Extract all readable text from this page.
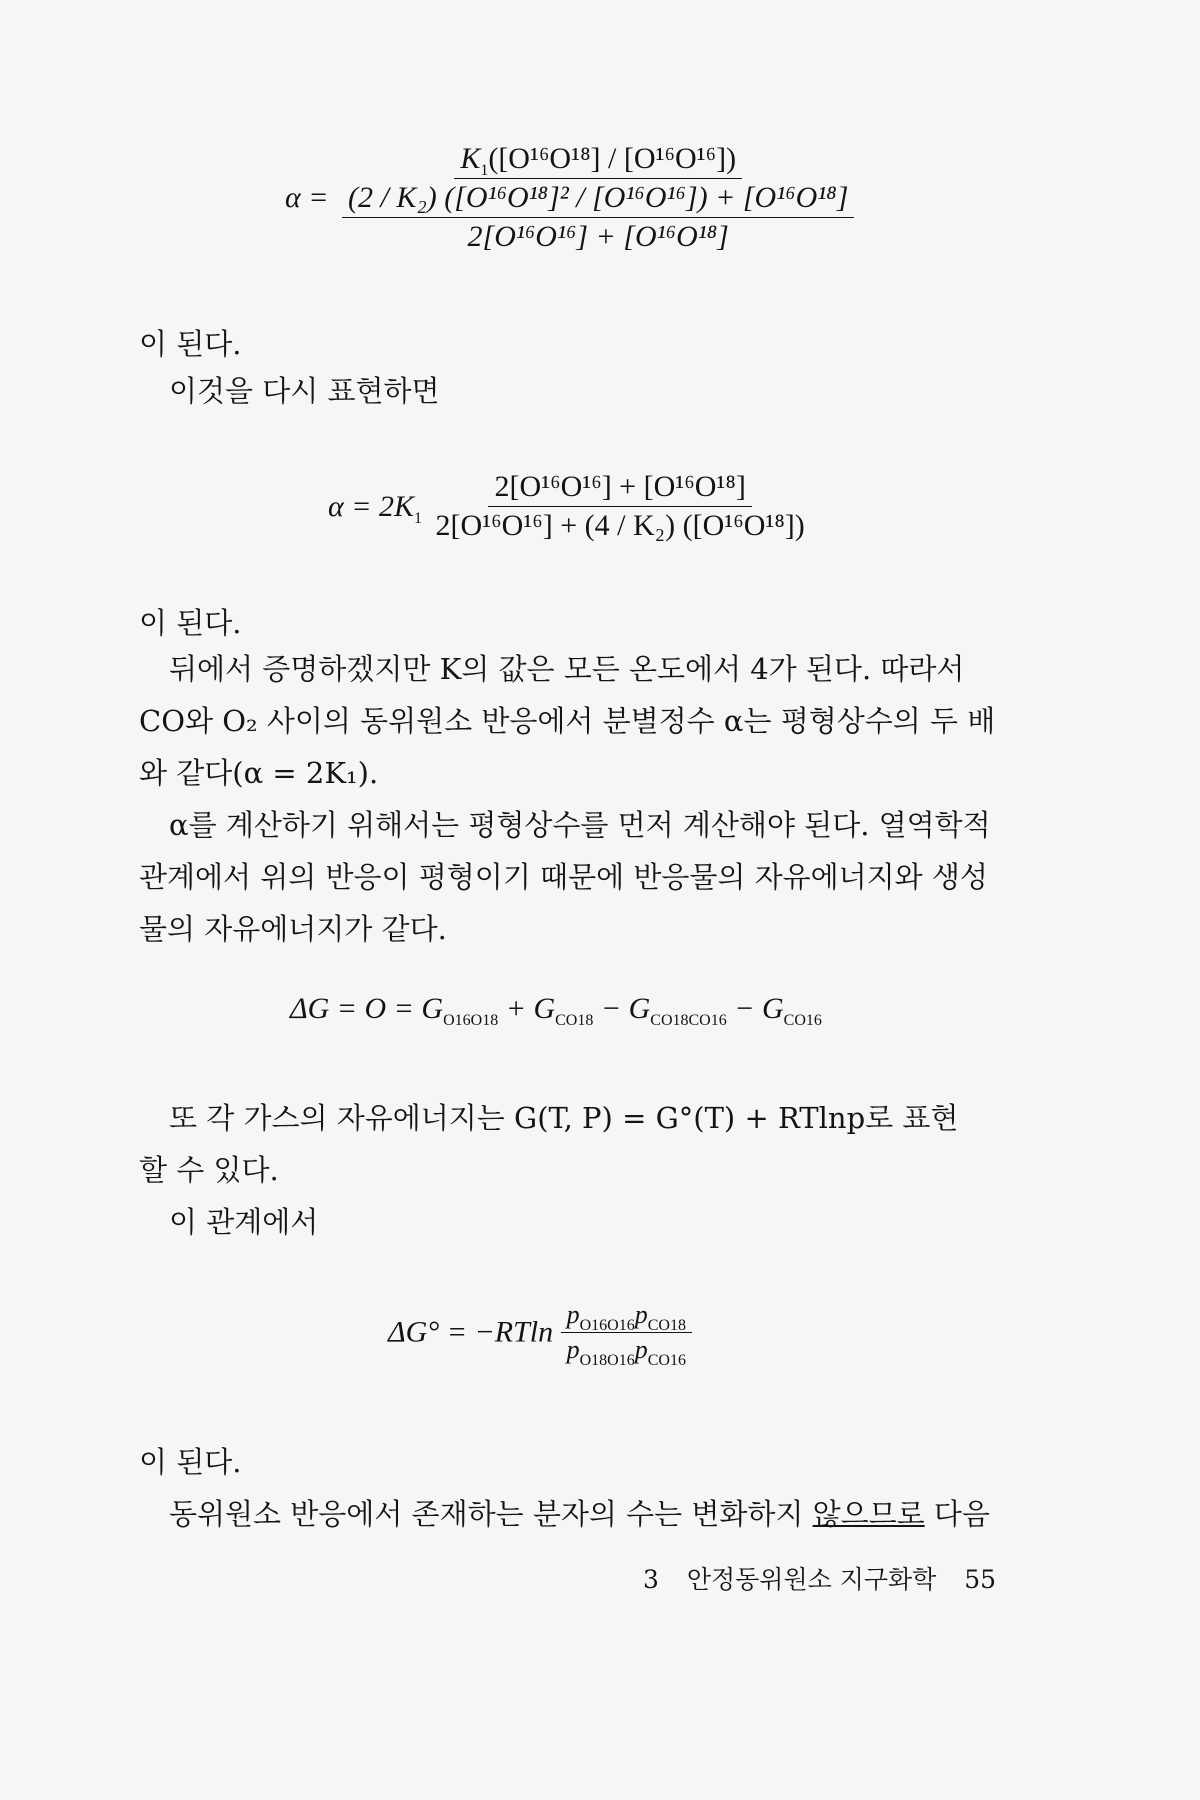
α =
$K_1([O^{16}O^{18}] / [O^{16}O^{16}])$
$\frac{\text{(2 / K₂) ([O¹⁶O¹⁸]² / [O¹⁶O¹⁶]) + [O¹⁶O¹⁸]}}{\text{2[O¹⁶O¹⁶] + [O¹⁶O¹⁸]}}$
이 된다.
이것을 다시 표현하면
$\alpha = 2K_1 \frac{\text{2[O¹⁶O¹⁶] + [O¹⁶O¹⁸]}}{\text{2[O¹⁶O¹⁶] + (4 / K₂) ([O¹⁶O¹⁸])}}$
이 된다.
뒤에서 증명하겠지만 K의 값은 모든 온도에서 4가 된다. 따라서
CO와 O₂ 사이의 동위원소 반응에서 분별정수 α는 평형상수의 두 배
와 같다(α = 2K₁).
α를 계산하기 위해서는 평형상수를 먼저 계산해야 된다. 열역학적
관계에서 위의 반응이 평형이기 때문에 반응물의 자유에너지와 생성
물의 자유에너지가 같다.
$\Delta G = O = G_{O16O18} + G_{CO18} - G_{CO18CO16} - G_{CO16}$
또 각 가스의 자유에너지는 G(T, P) = G°(T) + RTlnp로 표현
할 수 있다.
이 관계에서
$\Delta G^\circ = -RTln \frac{p_{O16O16}p_{CO18}}{p_{O18O16}p_{CO16}}$
이 된다.
동위원소 반응에서 존재하는 분자의 수는 변화하지 않으므로 다음
3 안정동위원소 지구화학 55
